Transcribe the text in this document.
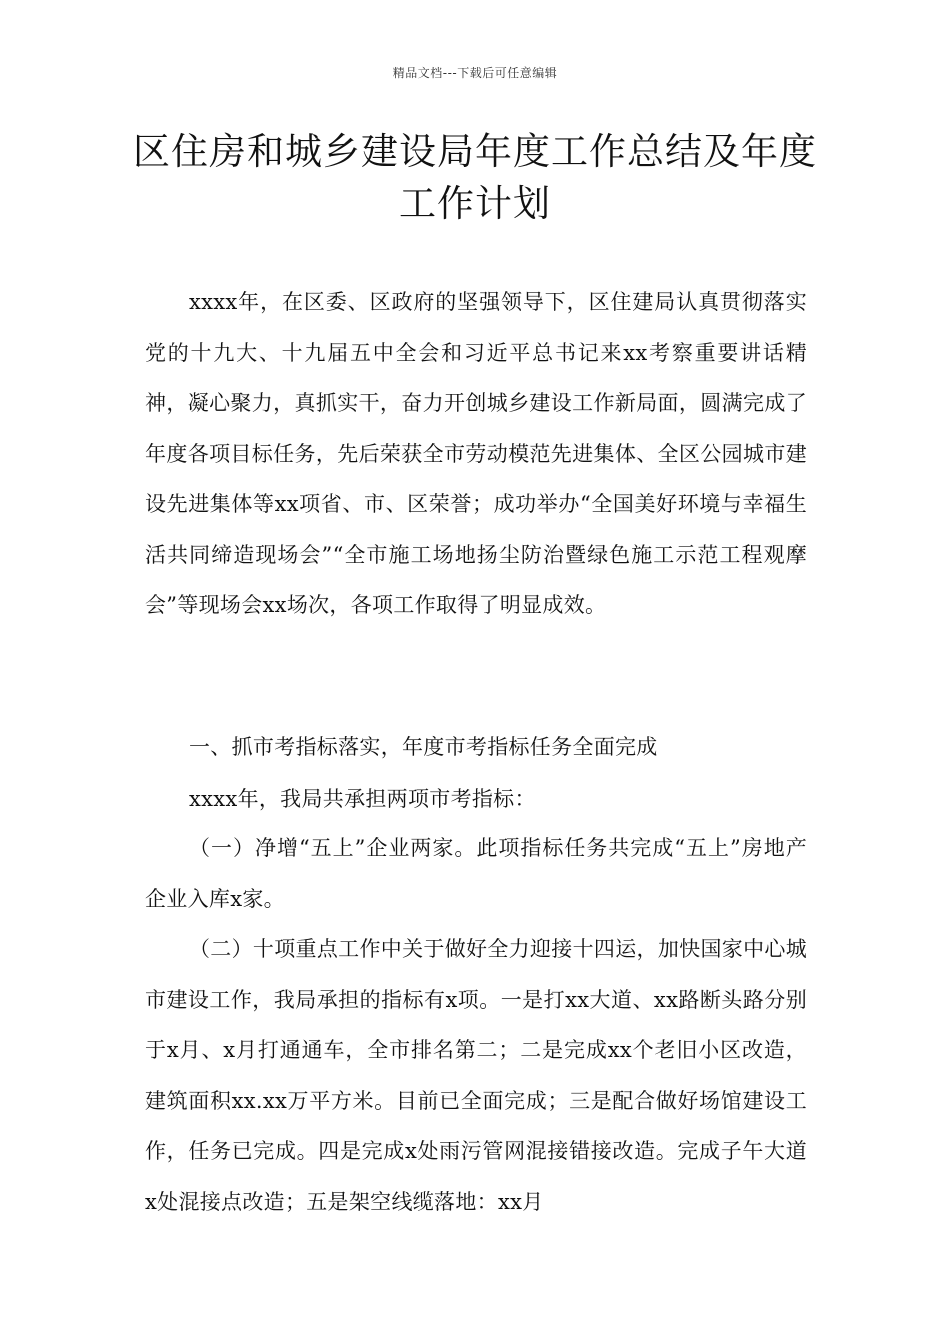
精品文档---下载后可任意编辑
区住房和城乡建设局年度工作总结及年度工作计划

xxxx年，在区委、区政府的坚强领导下，区住建局认真贯彻落实党的十九大、十九届五中全会和习近平总书记来xx考察重要讲话精神，凝心聚力，真抓实干，奋力开创城乡建设工作新局面，圆满完成了年度各项目标任务，先后荣获全市劳动模范先进集体、全区公园城市建设先进集体等xx项省、市、区荣誉；成功举办“全国美好环境与幸福生活共同缔造现场会”“全市施工场地扬尘防治暨绿色施工示范工程观摩会”等现场会xx场次，各项工作取得了明显成效。

一、抓市考指标落实，年度市考指标任务全面完成

xxxx年，我局共承担两项市考指标：

（一）净增“五上”企业两家。此项指标任务共完成“五上”房地产企业入库x家。

（二）十项重点工作中关于做好全力迎接十四运，加快国家中心城市建设工作，我局承担的指标有x项。一是打xx大道、xx路断头路分别于x月、x月打通通车，全市排名第二；二是完成xx个老旧小区改造，建筑面积xx.xx万平方米。目前已全面完成；三是配合做好场馆建设工作，任务已完成。四是完成x处雨污管网混接错接改造。完成子午大道x处混接点改造；五是架空线缆落地：xx月
